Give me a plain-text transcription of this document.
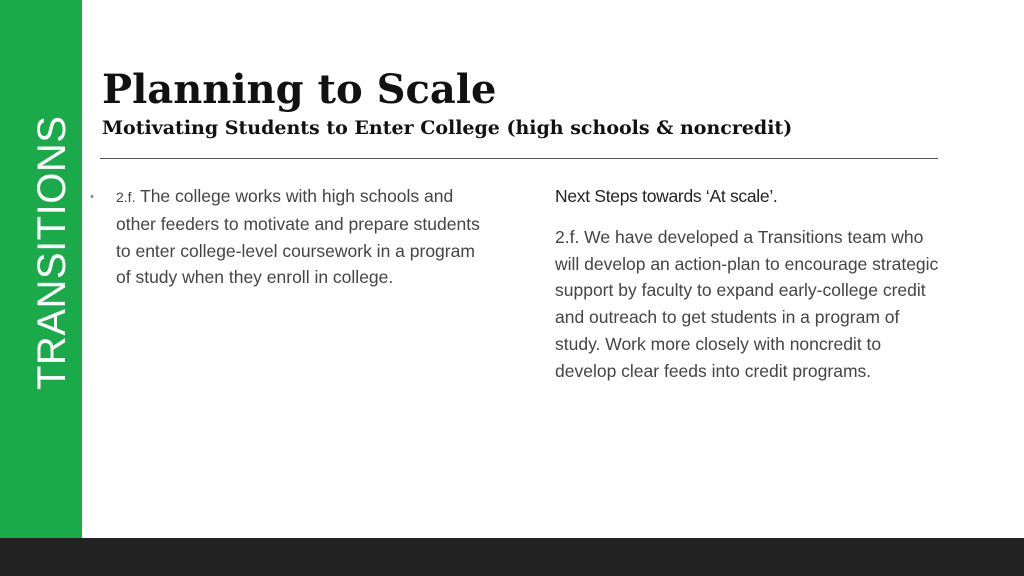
TRANSITIONS
Planning to Scale
Motivating Students to Enter College (high schools & noncredit)
• 2.f. The college works with high schools and other feeders to motivate and prepare students to enter college-level coursework in a program of study when they enroll in college.

Next Steps towards ‘At scale’.

2.f. We have developed a Transitions team who will develop an action-plan to encourage strategic support by faculty to expand early-college credit and outreach to get students in a program of study. Work more closely with noncredit to develop clear feeds into credit programs.
